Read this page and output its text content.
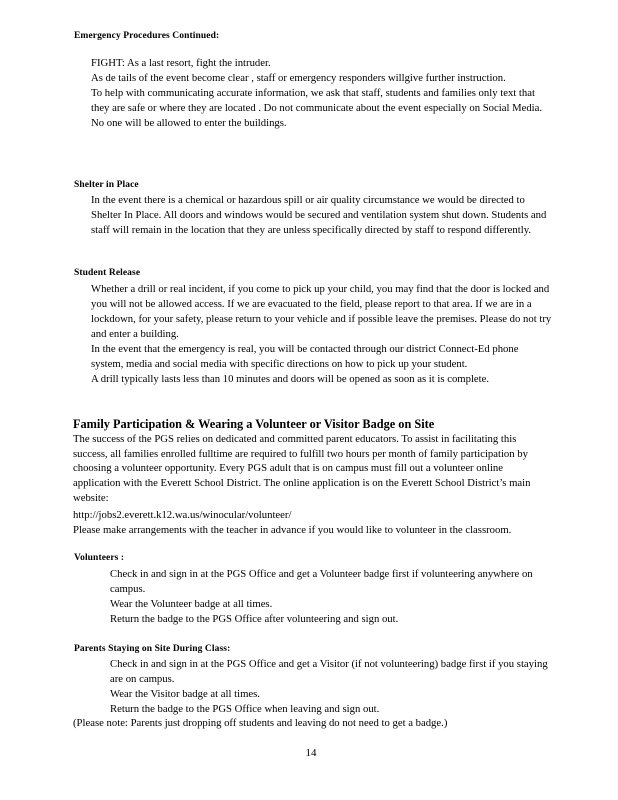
Emergency Procedures Continued:
FIGHT: As a last resort, fight the intruder.
As de tails of the event become clear , staff or emergency responders willgive further instruction.
To help with communicating accurate information, we ask that staff, students and families only text that they are safe or where they are located . Do not communicate about the event especially on Social Media.
No one will be allowed to enter the buildings.
Shelter in Place
In the event there is a chemical or hazardous spill or air quality circumstance we would be directed to Shelter In Place. All doors and windows would be secured and ventilation system shut down. Students and staff will remain in the location that they are unless specifically directed by staff to respond differently.
Student Release
Whether a drill or real incident, if you come to pick up your child, you may find that the door is locked and you will not be allowed access. If we are evacuated to the field, please report to that area. If we are in a lockdown, for your safety, please return to your vehicle and if possible leave the premises. Please do not try and enter a building.
In the event that the emergency is real, you will be contacted through our district Connect-Ed phone system, media and social media with specific directions on how to pick up your student.
A drill typically lasts less than 10 minutes and doors will be opened as soon as it is complete.
Family Participation & Wearing a Volunteer or Visitor Badge on Site

The success of the PGS relies on dedicated and committed parent educators. To assist in facilitating this success, all families enrolled fulltime are required to fulfill two hours per month of family participation by choosing a volunteer opportunity. Every PGS adult that is on campus must fill out a volunteer online application with the Everett School District. The online application is on the Everett School District’s main website:

http://jobs2.everett.k12.wa.us/winocular/volunteer/

Please make arrangements with the teacher in advance if you would like to volunteer in the classroom.

Volunteers :
Check in and sign in at the PGS Office and get a Volunteer badge first if volunteering anywhere on campus.
Wear the Volunteer badge at all times.
Return the badge to the PGS Office after volunteering and sign out.
Parents Staying on Site During Class:
Check in and sign in at the PGS Office and get a Visitor (if not volunteering) badge first if you staying are on campus.
Wear the Visitor badge at all times.
Return the badge to the PGS Office when leaving and sign out.

(Please note: Parents just dropping off students and leaving do not need to get a badge.)

14
